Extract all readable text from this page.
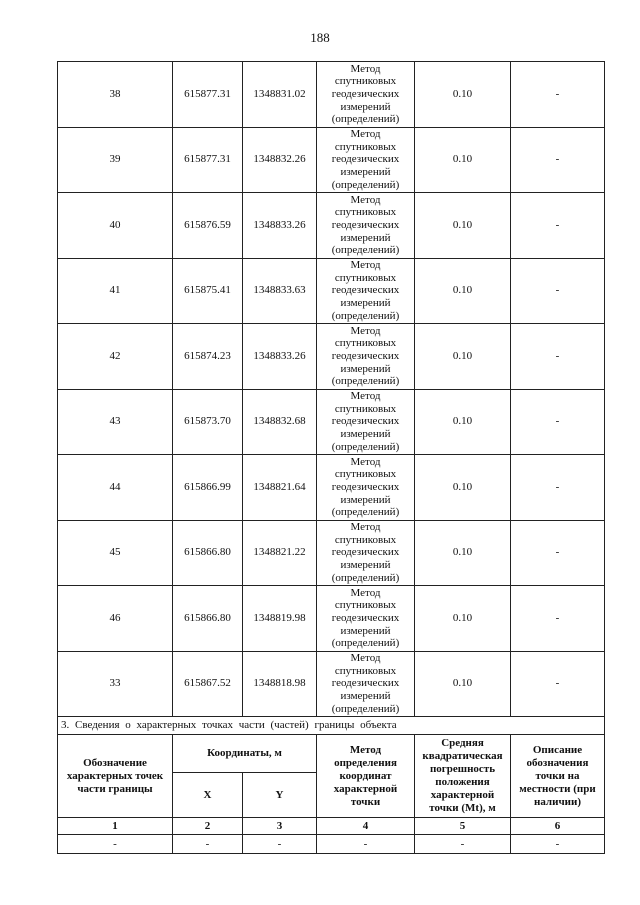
188
38	615877.31	1348831.02	Метод
спутниковых
геодезических
измерений
(определений)	0.10	-
39	615877.31	1348832.26	Метод
спутниковых
геодезических
измерений
(определений)	0.10	-
40	615876.59	1348833.26	Метод
спутниковых
геодезических
измерений
(определений)	0.10	-
41	615875.41	1348833.63	Метод
спутниковых
геодезических
измерений
(определений)	0.10	-
42	615874.23	1348833.26	Метод
спутниковых
геодезических
измерений
(определений)	0.10	-
43	615873.70	1348832.68	Метод
спутниковых
геодезических
измерений
(определений)	0.10	-
44	615866.99	1348821.64	Метод
спутниковых
геодезических
измерений
(определений)	0.10	-
45	615866.80	1348821.22	Метод
спутниковых
геодезических
измерений
(определений)	0.10	-
46	615866.80	1348819.98	Метод
спутниковых
геодезических
измерений
(определений)	0.10	-
33	615867.52	1348818.98	Метод
спутниковых
геодезических
измерений
(определений)	0.10	-
3. Сведения о характерных точках части (частей) границы объекта					
Обозначение характерных точек части границы	Координаты, м		Метод определения координат характерной точки	Средняя квадратическая погрешность положения характерной точки (Mt), м	Описание обозначения точки на местности (при наличии)
	X	Y			
1	2	3	4	5	6
-	-	-	-	-	-
